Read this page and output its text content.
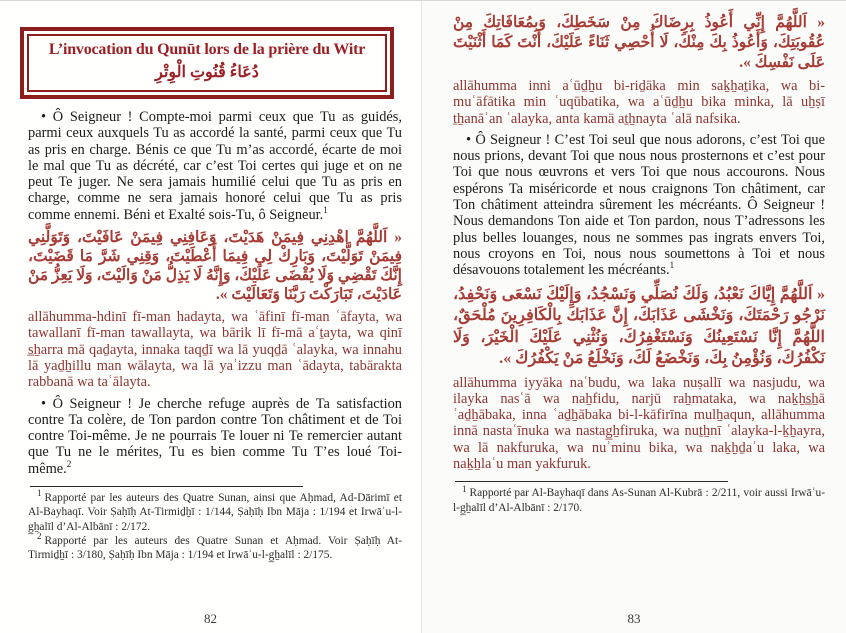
L’invocation du Qunūt lors de la prière du Witr
دُعَاءُ قُنُوتِ الْوِتْرِ

• Ô Seigneur ! Compte-moi parmi ceux que Tu as guidés, parmi ceux auxquels Tu as accordé la santé, parmi ceux que Tu as pris en charge. Bénis ce que Tu m’as accordé, écarte de moi le mal que Tu as décrété, car c’est Toi certes qui juge et on ne peut Te juger. Ne sera jamais humilié celui que Tu as pris en charge, comme ne sera jamais honoré celui que Tu as pris comme ennemi. Béni et Exalté sois-Tu, ô Seigneur.$^1$

« اَللَّهُمَّ اهْدِنِي فِيمَنْ هَدَيْتَ، وَعَافِنِي فِيمَنْ عَافَيْتَ، وَتَوَلَّنِي فِيمَنْ تَوَلَّيْتَ، وَبَارِكْ لِي فِيمَا أَعْطَيْتَ، وَقِنِي شَرَّ مَا قَضَيْتَ، إِنَّكَ تَقْضِي وَلَا يُقْضَى عَلَيْكَ، وَإِنَّهُ لَا يَذِلُّ مَنْ وَالَيْتَ، وَلَا يَعِزُّ مَنْ عَادَيْتَ، تَبَارَكْتَ رَبَّنَا وَتَعَالَيْتَ ».

allāhumma-hdinī fī-man hadayta, wa ʿāfinī fī-man ʿāfayta, wa tawallanī fī-man tawallayta, wa bārik lī fī-mā aʿṯayta, wa qinī s̲ẖarra mā qaḏayta, innaka taqḏī wa lā yuqḏā ʿalayka, wa innahu lā yaḏẖillu man wālayta, wa lā yaʿizzu man ʿādayta, tabārakta rabbanā wa taʿālayta.

• Ô Seigneur ! Je cherche refuge auprès de Ta satisfaction contre Ta colère, de Ton pardon contre Ton châtiment et de Toi contre Toi-même. Je ne pourrais Te louer ni Te remercier autant que Tu ne le mérites, Tu es bien comme Tu T’es loué Toi-même.$^2$

$^1$ Rapporté par les auteurs des Quatre Sunan, ainsi que Aḥmad, Ad-Dārimī et Al-Bayhaqī. Voir Ṣaḥīḥ At-Tirmiḏẖī : 1/144, Ṣaḥīḥ Ibn Māja : 1/194 et Irwāʾu-l-g̲ẖalīl d’Al-Albānī : 2/172.

$^2$ Rapporté par les auteurs des Quatre Sunan et Aḥmad. Voir Ṣaḥīḥ At-Tirmiḏẖī : 3/180, Ṣaḥīḥ Ibn Māja : 1/194 et Irwāʾu-l-g̲ẖalīl : 2/175.

82

« اَللَّهُمَّ إِنِّي أَعُوذُ بِرِضَاكَ مِنْ سَخَطِكَ، وَبِمُعَافَاتِكَ مِنْ عُقُوبَتِكَ، وَأَعُوذُ بِكَ مِنْكَ، لَا أُحْصِي ثَنَاءً عَلَيْكَ، أَنْتَ كَمَا أَثْنَيْتَ عَلَى نَفْسِكَ ».

allāhumma inni aʿūḏẖu bi-riḏāka min saḵẖaṯika, wa bi-muʿāfātika min ʿuqūbatika, wa aʿūḏẖu bika minka, lā uẖṣī ṯẖanāʾan ʿalayka, anta kamā aṯẖnayta ʿalā nafsika.

• Ô Seigneur ! C’est Toi seul que nous adorons, c’est Toi que nous prions, devant Toi que nous nous prosternons et c’est pour Toi que nous œuvrons et vers Toi que nous accourons. Nous espérons Ta miséricorde et nous craignons Ton châtiment, car Ton châtiment atteindra sûrement les mécréants. Ô Seigneur ! Nous demandons Ton aide et Ton pardon, nous T’adressons les plus belles louanges, nous ne sommes pas ingrats envers Toi, nous croyons en Toi, nous nous soumettons à Toi et nous désavouons totalement les mécréants.$^1$

« اَللَّهُمَّ إِيَّاكَ نَعْبُدُ، وَلَكَ نُصَلِّي وَنَسْجُدُ، وَإِلَيْكَ نَسْعَى وَنَحْفِدُ، نَرْجُو رَحْمَتَكَ، وَنَخْشَى عَذَابَكَ، إِنَّ عَذَابَكَ بِالْكَافِرِينَ مُلْحَقٌ، اللَّهُمَّ إِنَّا نَسْتَعِينُكَ وَنَسْتَغْفِرُكَ، وَنُثْنِي عَلَيْكَ الْخَيْرَ، وَلَا نَكْفُرُكَ، وَنُؤْمِنُ بِكَ، وَنَخْضَعُ لَكَ، وَنَخْلَعُ مَنْ يَكْفُرُكَ ».

allāhumma iyyāka naʿbudu, wa laka nuṣallī wa nasjudu, wa ilayka nasʿā wa naẖfidu, narjū raẖmataka, wa naḵẖs̲ẖā ʿaḏẖābaka, inna ʿaḏẖābaka bi-l-kāfirīna mulẖaqun, allāhumma innā nastaʿīnuka wa nastag̲ẖfiruka, wa nuṯẖnī ʿalayka-l-ḵẖayra, wa lā nakfuruka, wa nuʾminu bika, wa naḵẖḏaʿu laka, wa naḵẖlaʿu man yakfuruk.

$^1$ Rapporté par Al-Bayhaqī dans As-Sunan Al-Kubrā : 2/211, voir aussi Irwāʾu-l-g̲ẖalīl d’Al-Albānī : 2/170.

83
